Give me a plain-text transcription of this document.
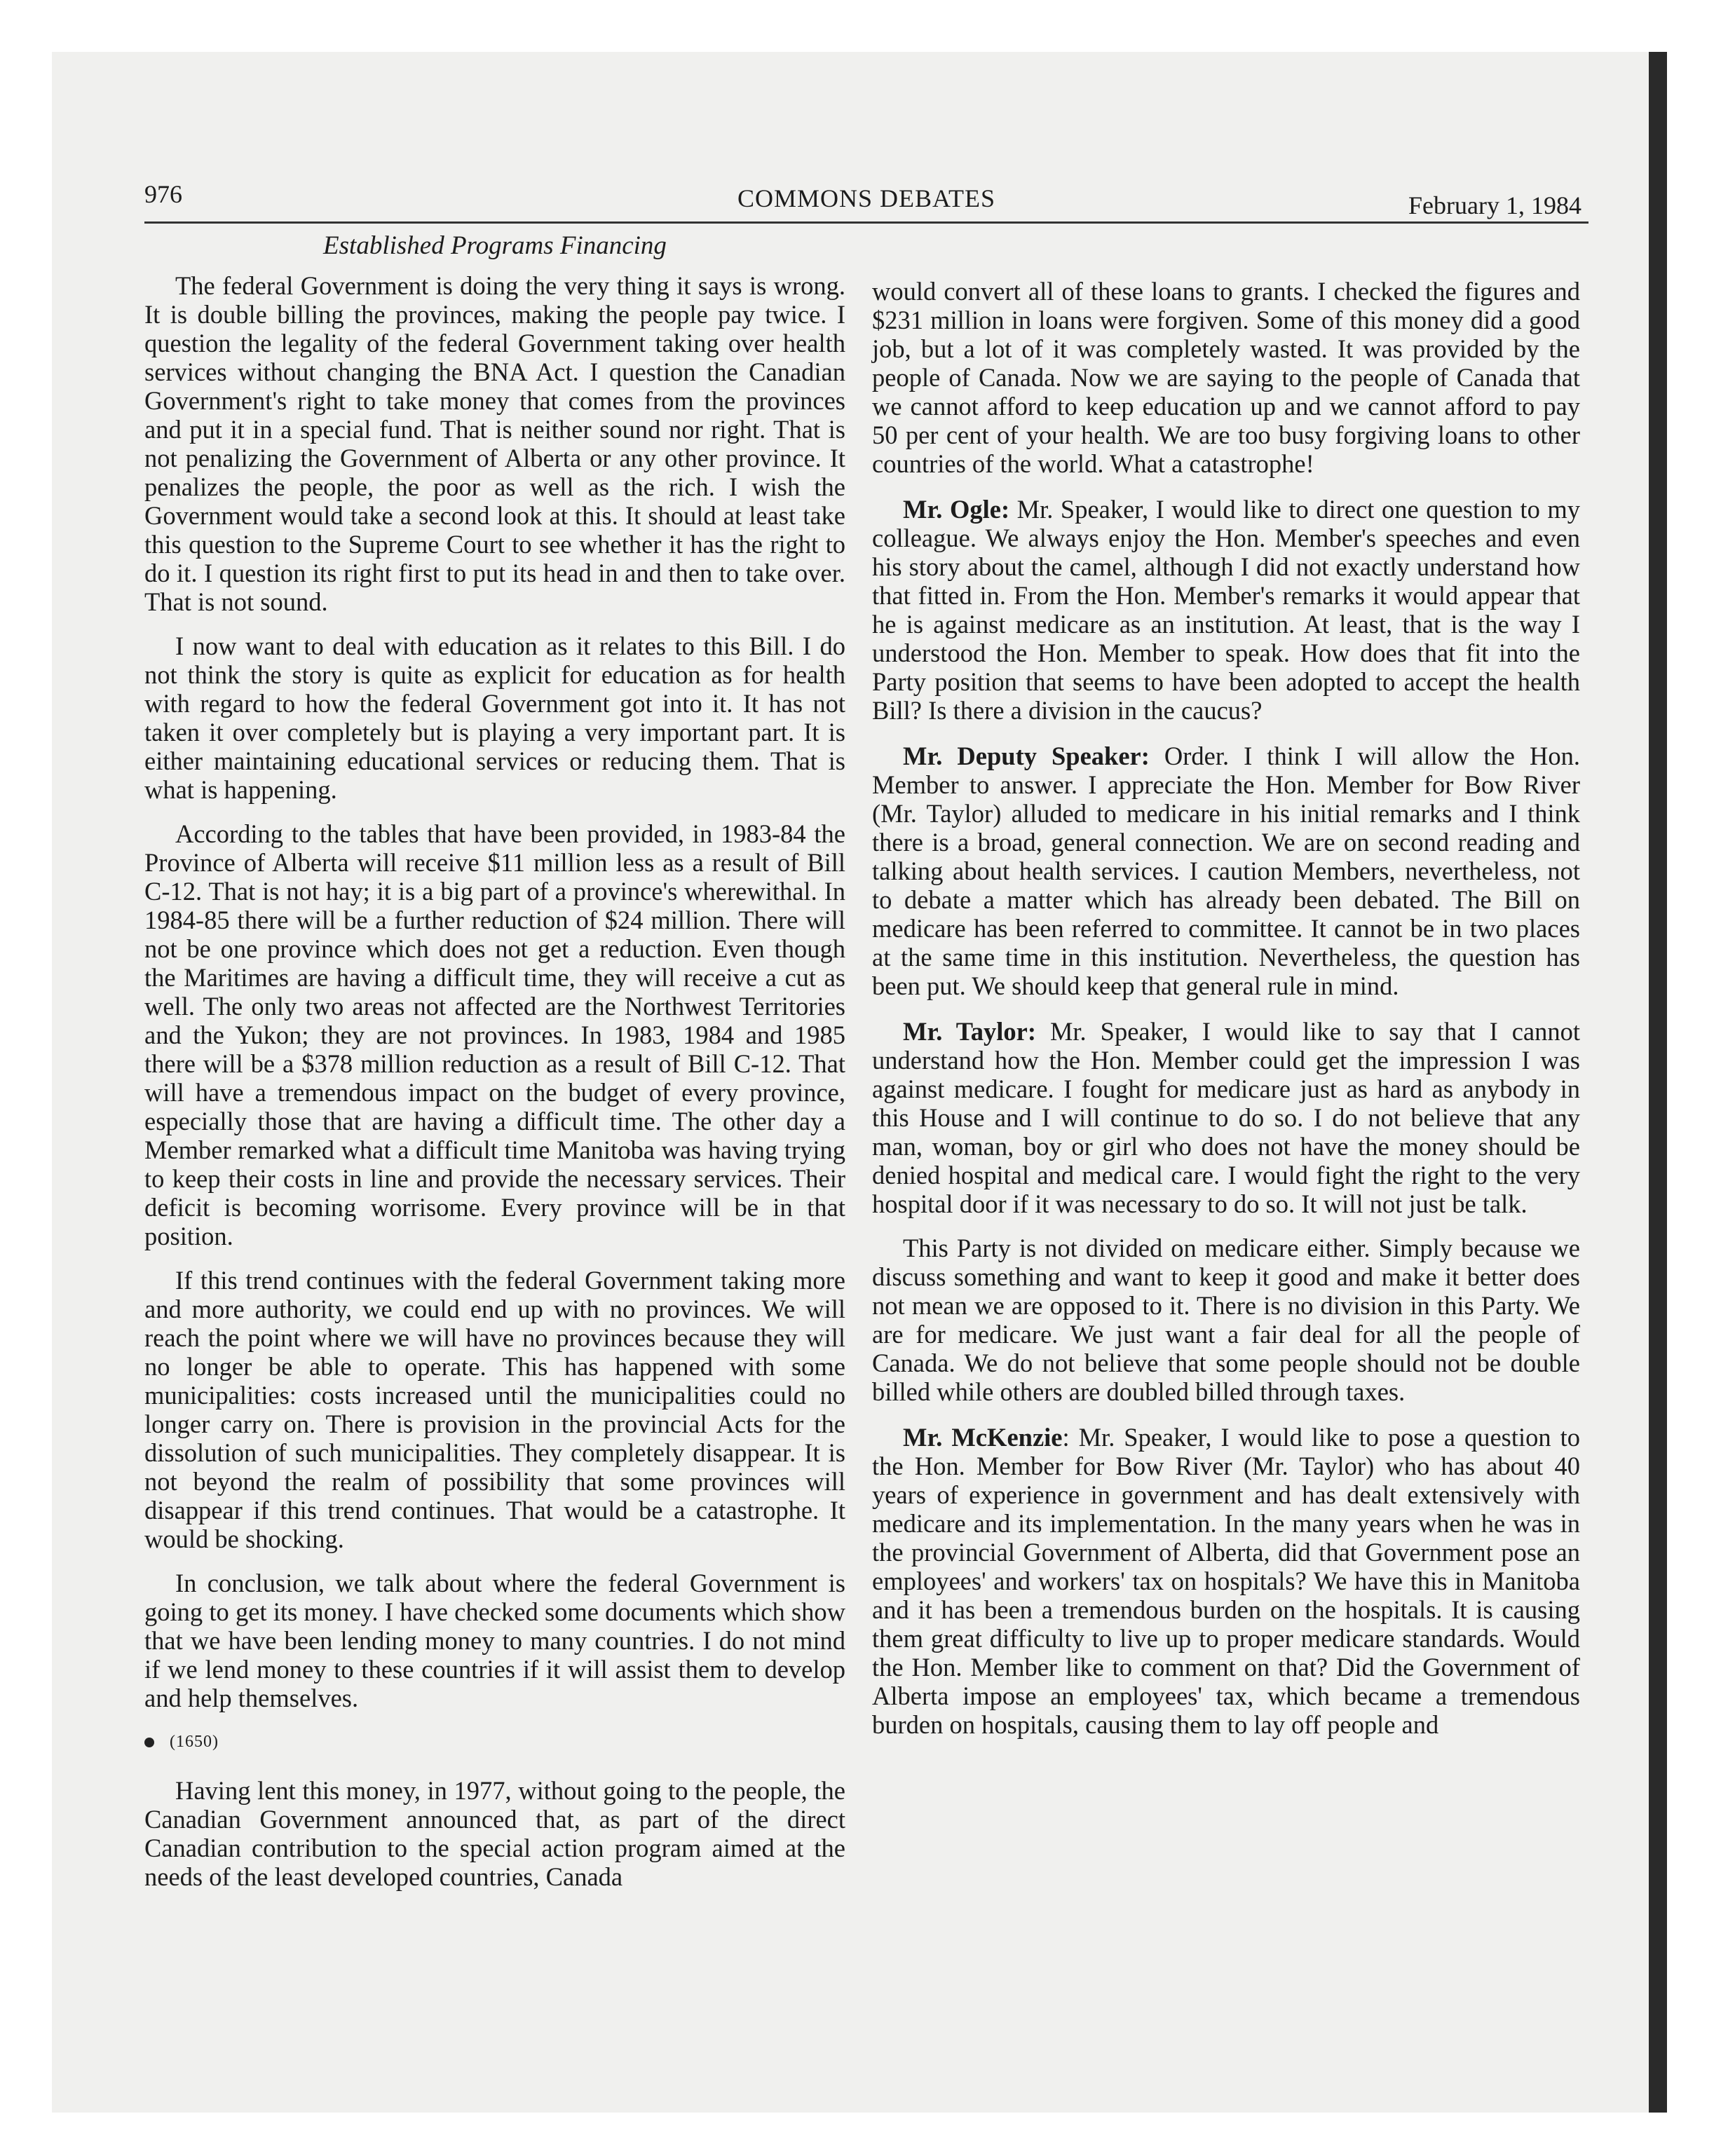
976	COMMONS DEBATES	February 1, 1984
Established Programs Financing

The federal Government is doing the very thing it says is wrong. It is double billing the provinces, making the people pay twice. I question the legality of the federal Government taking over health services without changing the BNA Act. I question the Canadian Government's right to take money that comes from the provinces and put it in a special fund. That is neither sound nor right. That is not penalizing the Government of Alberta or any other province. It penalizes the people, the poor as well as the rich. I wish the Government would take a second look at this. It should at least take this question to the Supreme Court to see whether it has the right to do it. I question its right first to put its head in and then to take over. That is not sound.

I now want to deal with education as it relates to this Bill. I do not think the story is quite as explicit for education as for health with regard to how the federal Government got into it. It has not taken it over completely but is playing a very important part. It is either maintaining educational services or reducing them. That is what is happening.

According to the tables that have been provided, in 1983-84 the Province of Alberta will receive $11 million less as a result of Bill C-12. That is not hay; it is a big part of a province's wherewithal. In 1984-85 there will be a further reduction of $24 million. There will not be one province which does not get a reduction. Even though the Maritimes are having a difficult time, they will receive a cut as well. The only two areas not affected are the Northwest Territories and the Yukon; they are not provinces. In 1983, 1984 and 1985 there will be a $378 million reduction as a result of Bill C-12. That will have a tremendous impact on the budget of every province, especially those that are having a difficult time. The other day a Member remarked what a difficult time Manitoba was having trying to keep their costs in line and provide the necessary services. Their deficit is becoming worrisome. Every province will be in that position.

If this trend continues with the federal Government taking more and more authority, we could end up with no provinces. We will reach the point where we will have no provinces because they will no longer be able to operate. This has happened with some municipalities: costs increased until the municipalities could no longer carry on. There is provision in the provincial Acts for the dissolution of such municipalities. They completely disappear. It is not beyond the realm of possibility that some provinces will disappear if this trend continues. That would be a catastrophe. It would be shocking.

In conclusion, we talk about where the federal Government is going to get its money. I have checked some documents which show that we have been lending money to many countries. I do not mind if we lend money to these countries if it will assist them to develop and help themselves.

(1650)

Having lent this money, in 1977, without going to the people, the Canadian Government announced that, as part of the direct Canadian contribution to the special action program aimed at the needs of the least developed countries, Canada

would convert all of these loans to grants. I checked the figures and $231 million in loans were forgiven. Some of this money did a good job, but a lot of it was completely wasted. It was provided by the people of Canada. Now we are saying to the people of Canada that we cannot afford to keep education up and we cannot afford to pay 50 per cent of your health. We are too busy forgiving loans to other countries of the world. What a catastrophe!

Mr. Ogle: Mr. Speaker, I would like to direct one question to my colleague. We always enjoy the Hon. Member's speeches and even his story about the camel, although I did not exactly understand how that fitted in. From the Hon. Member's remarks it would appear that he is against medicare as an institution. At least, that is the way I understood the Hon. Member to speak. How does that fit into the Party position that seems to have been adopted to accept the health Bill? Is there a division in the caucus?

Mr. Deputy Speaker: Order. I think I will allow the Hon. Member to answer. I appreciate the Hon. Member for Bow River (Mr. Taylor) alluded to medicare in his initial remarks and I think there is a broad, general connection. We are on second reading and talking about health services. I caution Members, nevertheless, not to debate a matter which has already been debated. The Bill on medicare has been referred to committee. It cannot be in two places at the same time in this institution. Nevertheless, the question has been put. We should keep that general rule in mind.

Mr. Taylor: Mr. Speaker, I would like to say that I cannot understand how the Hon. Member could get the impression I was against medicare. I fought for medicare just as hard as anybody in this House and I will continue to do so. I do not believe that any man, woman, boy or girl who does not have the money should be denied hospital and medical care. I would fight the right to the very hospital door if it was necessary to do so. It will not just be talk.

This Party is not divided on medicare either. Simply because we discuss something and want to keep it good and make it better does not mean we are opposed to it. There is no division in this Party. We are for medicare. We just want a fair deal for all the people of Canada. We do not believe that some people should not be double billed while others are doubled billed through taxes.

Mr. McKenzie: Mr. Speaker, I would like to pose a question to the Hon. Member for Bow River (Mr. Taylor) who has about 40 years of experience in government and has dealt extensively with medicare and its implementation. In the many years when he was in the provincial Government of Alberta, did that Government pose an employees' and workers' tax on hospitals? We have this in Manitoba and it has been a tremendous burden on the hospitals. It is causing them great difficulty to live up to proper medicare standards. Would the Hon. Member like to comment on that? Did the Government of Alberta impose an employees' tax, which became a tremendous burden on hospitals, causing them to lay off people and
